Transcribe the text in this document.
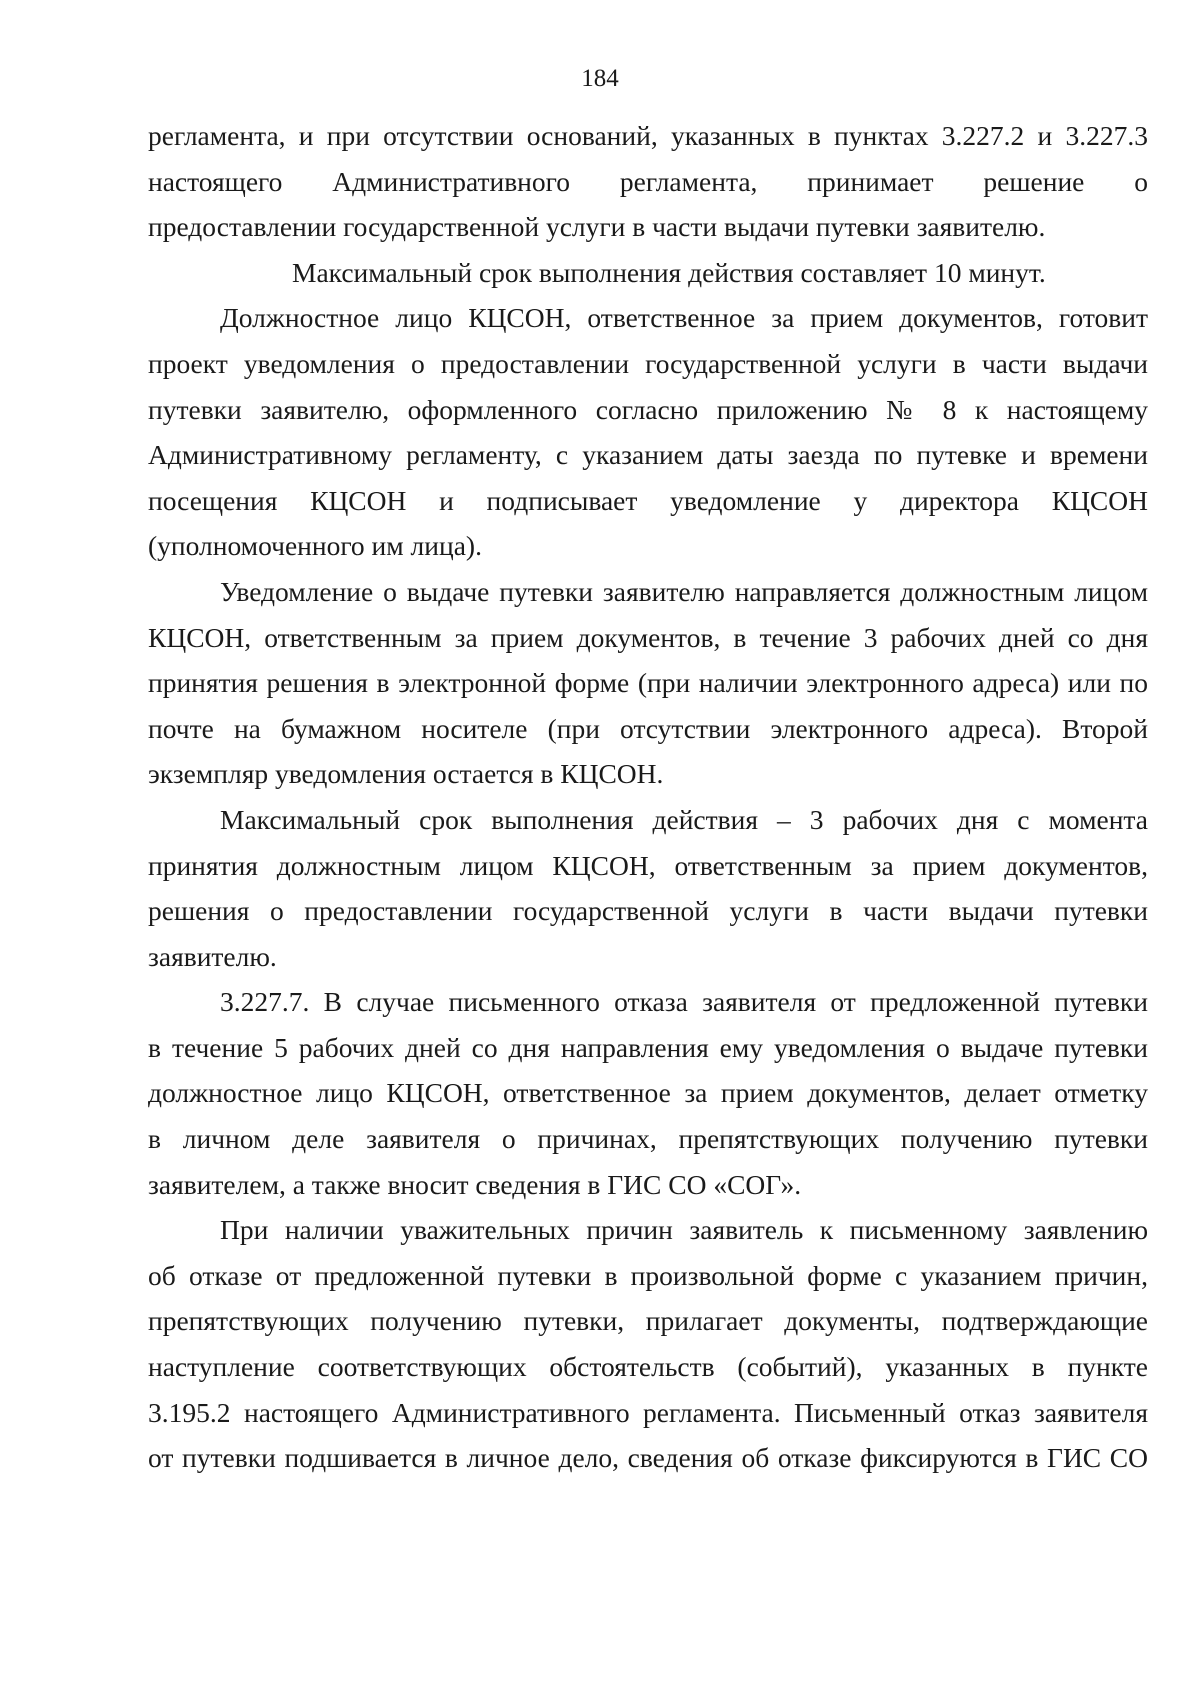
184
регламента, и при отсутствии оснований, указанных в пунктах 3.227.2 и 3.227.3
настоящего Административного регламента, принимает решение о
предоставлении государственной услуги в части выдачи путевки заявителю.
Максимальный срок выполнения действия составляет 10 минут.
Должностное лицо КЦСОН, ответственное за прием документов, готовит
проект уведомления о предоставлении государственной услуги в части выдачи
путевки заявителю, оформленного согласно приложению № 8 к настоящему
Административному регламенту, с указанием даты заезда по путевке и времени
посещения КЦСОН и подписывает уведомление у директора КЦСОН
(уполномоченного им лица).
Уведомление о выдаче путевки заявителю направляется должностным лицом
КЦСОН, ответственным за прием документов, в течение 3 рабочих дней со дня
принятия решения в электронной форме (при наличии электронного адреса) или по
почте на бумажном носителе (при отсутствии электронного адреса). Второй
экземпляр уведомления остается в КЦСОН.
Максимальный срок выполнения действия – 3 рабочих дня с момента
принятия должностным лицом КЦСОН, ответственным за прием документов,
решения о предоставлении государственной услуги в части выдачи путевки
заявителю.
3.227.7. В случае письменного отказа заявителя от предложенной путевки
в течение 5 рабочих дней со дня направления ему уведомления о выдаче путевки
должностное лицо КЦСОН, ответственное за прием документов, делает отметку
в личном деле заявителя о причинах, препятствующих получению путевки
заявителем, а также вносит сведения в ГИС СО «СОГ».
При наличии уважительных причин заявитель к письменному заявлению
об отказе от предложенной путевки в произвольной форме с указанием причин,
препятствующих получению путевки, прилагает документы, подтверждающие
наступление соответствующих обстоятельств (событий), указанных в пункте
3.195.2 настоящего Административного регламента. Письменный отказ заявителя
от путевки подшивается в личное дело, сведения об отказе фиксируются в ГИС СО
